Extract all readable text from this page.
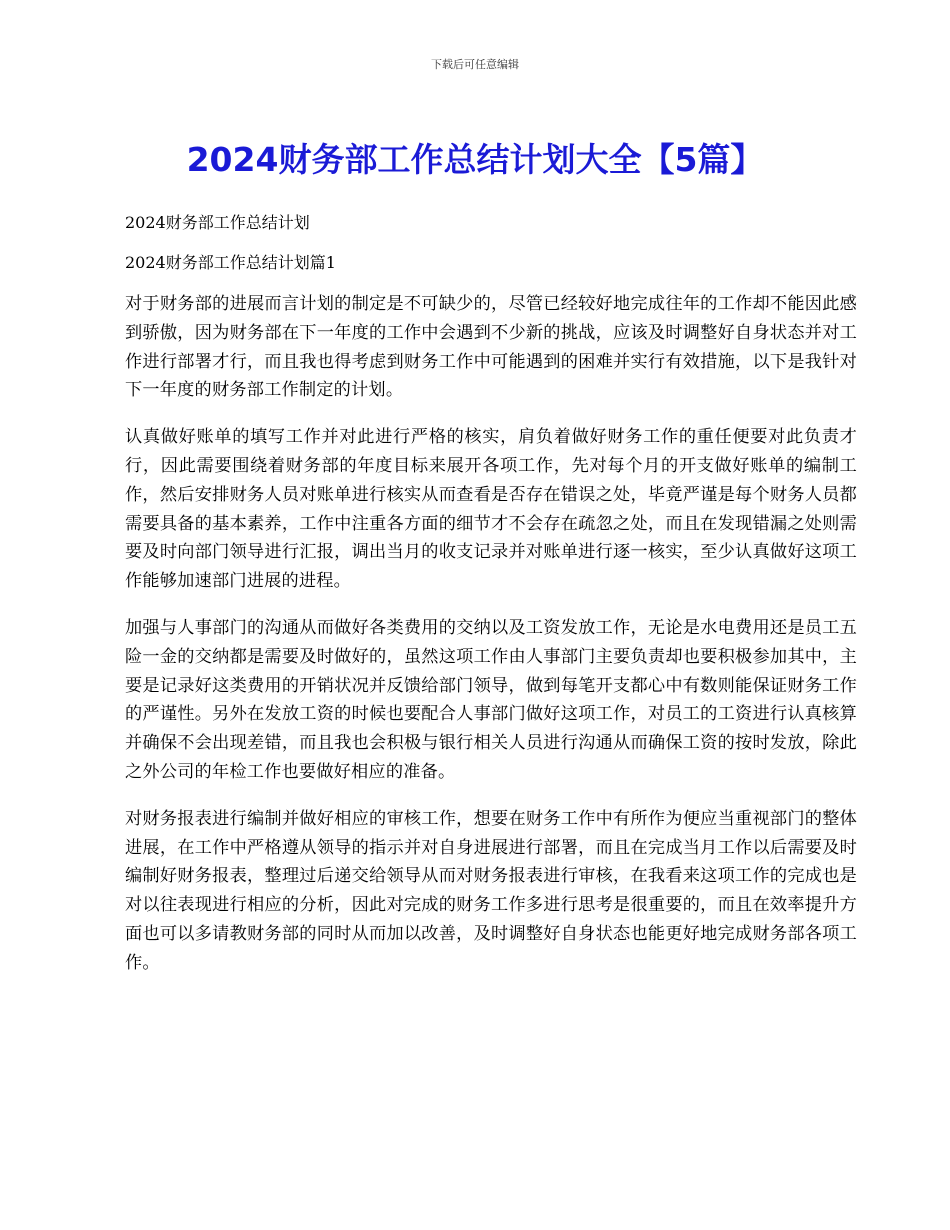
下载后可任意编辑
2024财务部工作总结计划大全【5篇】

2024财务部工作总结计划

2024财务部工作总结计划篇1

对于财务部的进展而言计划的制定是不可缺少的，尽管已经较好地完成往年的工作却不能因此感到骄傲，因为财务部在下一年度的工作中会遇到不少新的挑战，应该及时调整好自身状态并对工作进行部署才行，而且我也得考虑到财务工作中可能遇到的困难并实行有效措施，以下是我针对下一年度的财务部工作制定的计划。

认真做好账单的填写工作并对此进行严格的核实，肩负着做好财务工作的重任便要对此负责才行，因此需要围绕着财务部的年度目标来展开各项工作，先对每个月的开支做好账单的编制工作，然后安排财务人员对账单进行核实从而查看是否存在错误之处，毕竟严谨是每个财务人员都需要具备的基本素养，工作中注重各方面的细节才不会存在疏忽之处，而且在发现错漏之处则需要及时向部门领导进行汇报，调出当月的收支记录并对账单进行逐一核实，至少认真做好这项工作能够加速部门进展的进程。

加强与人事部门的沟通从而做好各类费用的交纳以及工资发放工作，无论是水电费用还是员工五险一金的交纳都是需要及时做好的，虽然这项工作由人事部门主要负责却也要积极参加其中，主要是记录好这类费用的开销状况并反馈给部门领导，做到每笔开支都心中有数则能保证财务工作的严谨性。另外在发放工资的时候也要配合人事部门做好这项工作，对员工的工资进行认真核算并确保不会出现差错，而且我也会积极与银行相关人员进行沟通从而确保工资的按时发放，除此之外公司的年检工作也要做好相应的准备。

对财务报表进行编制并做好相应的审核工作，想要在财务工作中有所作为便应当重视部门的整体进展，在工作中严格遵从领导的指示并对自身进展进行部署，而且在完成当月工作以后需要及时编制好财务报表，整理过后递交给领导从而对财务报表进行审核，在我看来这项工作的完成也是对以往表现进行相应的分析，因此对完成的财务工作多进行思考是很重要的，而且在效率提升方面也可以多请教财务部的同时从而加以改善，及时调整好自身状态也能更好地完成财务部各项工作。
